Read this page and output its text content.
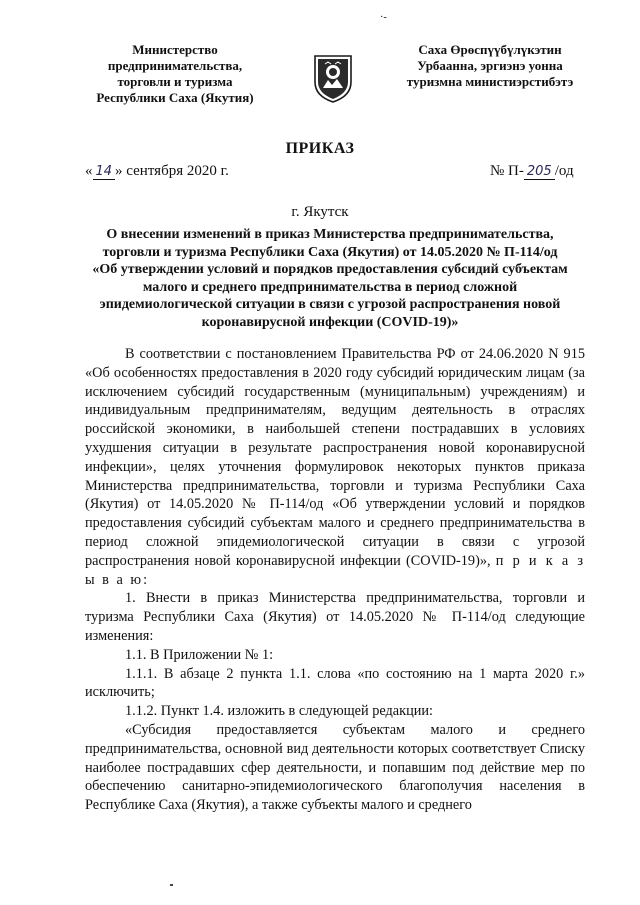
·-
Министерство
предпринимательства,
торговли и туризма
Республики Саха (Якутия)
Саха Өрөспүүбүлүкэтин
Урбаанна, эргиэнэ уонна
туризмна министиэрстибэтэ
ПРИКАЗ
« 14 » сентября 2020 г.	№ П- 205 /од
г. Якутск
О внесении изменений в приказ Министерства предпринимательства, торговли и туризма Республики Саха (Якутия) от 14.05.2020 № П-114/од «Об утверждении условий и порядков предоставления субсидий субъектам малого и среднего предпринимательства в период сложной эпидемиологической ситуации в связи с угрозой распространения новой коронавирусной инфекции (COVID-19)»

В соответствии с постановлением Правительства РФ от 24.06.2020 N 915 «Об особенностях предоставления в 2020 году субсидий юридическим лицам (за исключением субсидий государственным (муниципальным) учреждениям) и индивидуальным предпринимателям, ведущим деятельность в отраслях российской экономики, в наибольшей степени пострадавших в условиях ухудшения ситуации в результате распространения новой коронавирусной инфекции», целях уточнения формулировок некоторых пунктов приказа Министерства предпринимательства, торговли и туризма Республики Саха (Якутия) от 14.05.2020 № П-114/од «Об утверждении условий и порядков предоставления субсидий субъектам малого и среднего предпринимательства в период сложной эпидемиологической ситуации в связи с угрозой распространения новой коронавирусной инфекции (COVID-19)», п р и к а з ы в а ю:

1. Внести в приказ Министерства предпринимательства, торговли и туризма Республики Саха (Якутия) от 14.05.2020 № П-114/од следующие изменения:

1.1. В Приложении № 1:

1.1.1. В абзаце 2 пункта 1.1. слова «по состоянию на 1 марта 2020 г.» исключить;

1.1.2. Пункт 1.4. изложить в следующей редакции:

«Субсидия предоставляется субъектам малого и среднего предпринимательства, основной вид деятельности которых соответствует Списку наиболее пострадавших сфер деятельности, и попавшим под действие мер по обеспечению санитарно-эпидемиологического благополучия населения в Республике Саха (Якутия), а также субъекты малого и среднего
